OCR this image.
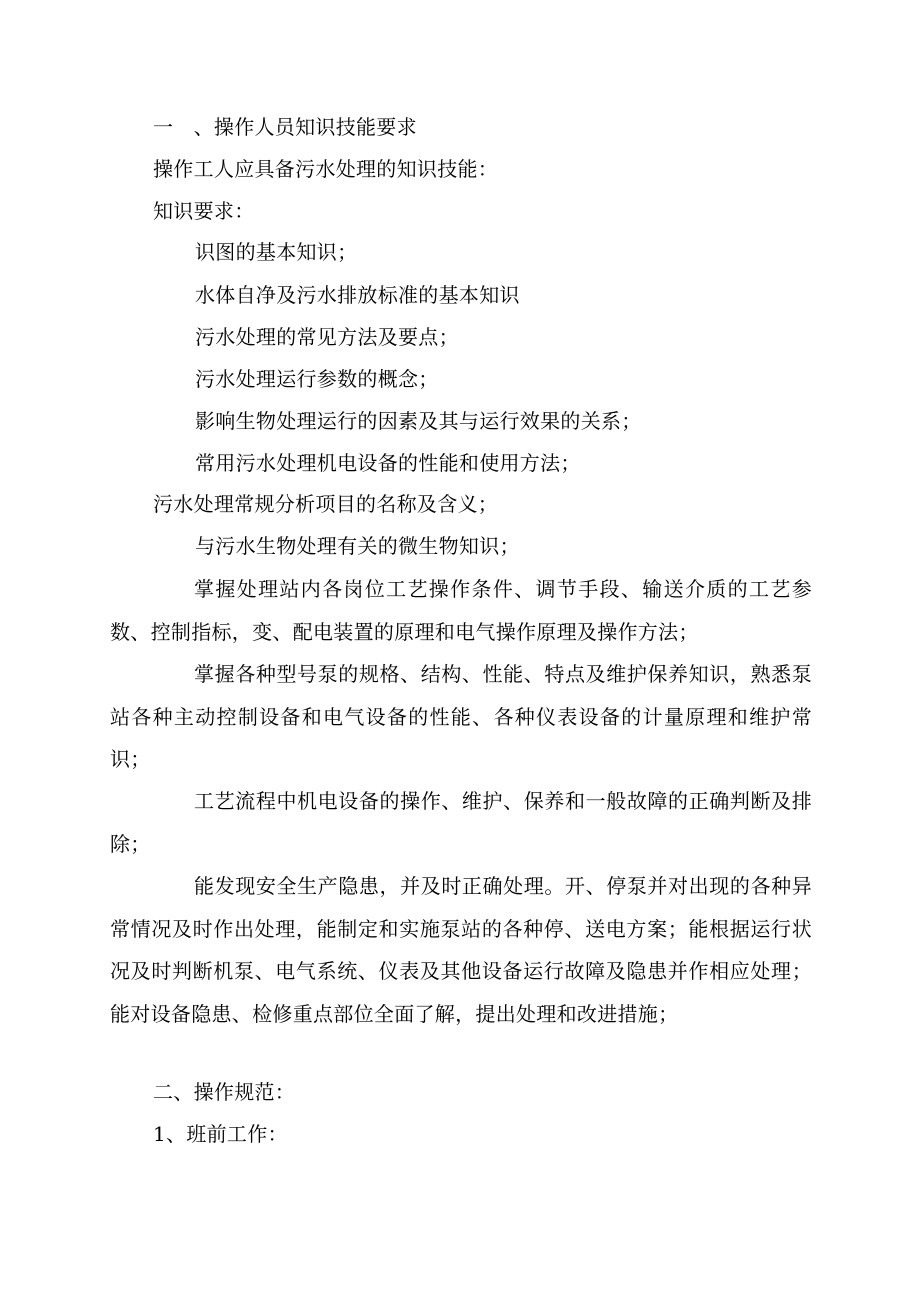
一　、操作人员知识技能要求
操作工人应具备污水处理的知识技能：
知识要求：
识图的基本知识；
水体自净及污水排放标准的基本知识
污水处理的常见方法及要点；
污水处理运行参数的概念；
影响生物处理运行的因素及其与运行效果的关系；
常用污水处理机电设备的性能和使用方法；
污水处理常规分析项目的名称及含义；
与污水生物处理有关的微生物知识；
掌握处理站内各岗位工艺操作条件、调节手段、输送介质的工艺参数、控制指标，变、配电装置的原理和电气操作原理及操作方法；
掌握各种型号泵的规格、结构、性能、特点及维护保养知识，熟悉泵站各种主动控制设备和电气设备的性能、各种仪表设备的计量原理和维护常识；
工艺流程中机电设备的操作、维护、保养和一般故障的正确判断及排除；
能发现安全生产隐患，并及时正确处理。开、停泵并对出现的各种异常情况及时作出处理，能制定和实施泵站的各种停、送电方案；能根据运行状况及时判断机泵、电气系统、仪表及其他设备运行故障及隐患并作相应处理；能对设备隐患、检修重点部位全面了解，提出处理和改进措施；
二、操作规范：
1、班前工作：
